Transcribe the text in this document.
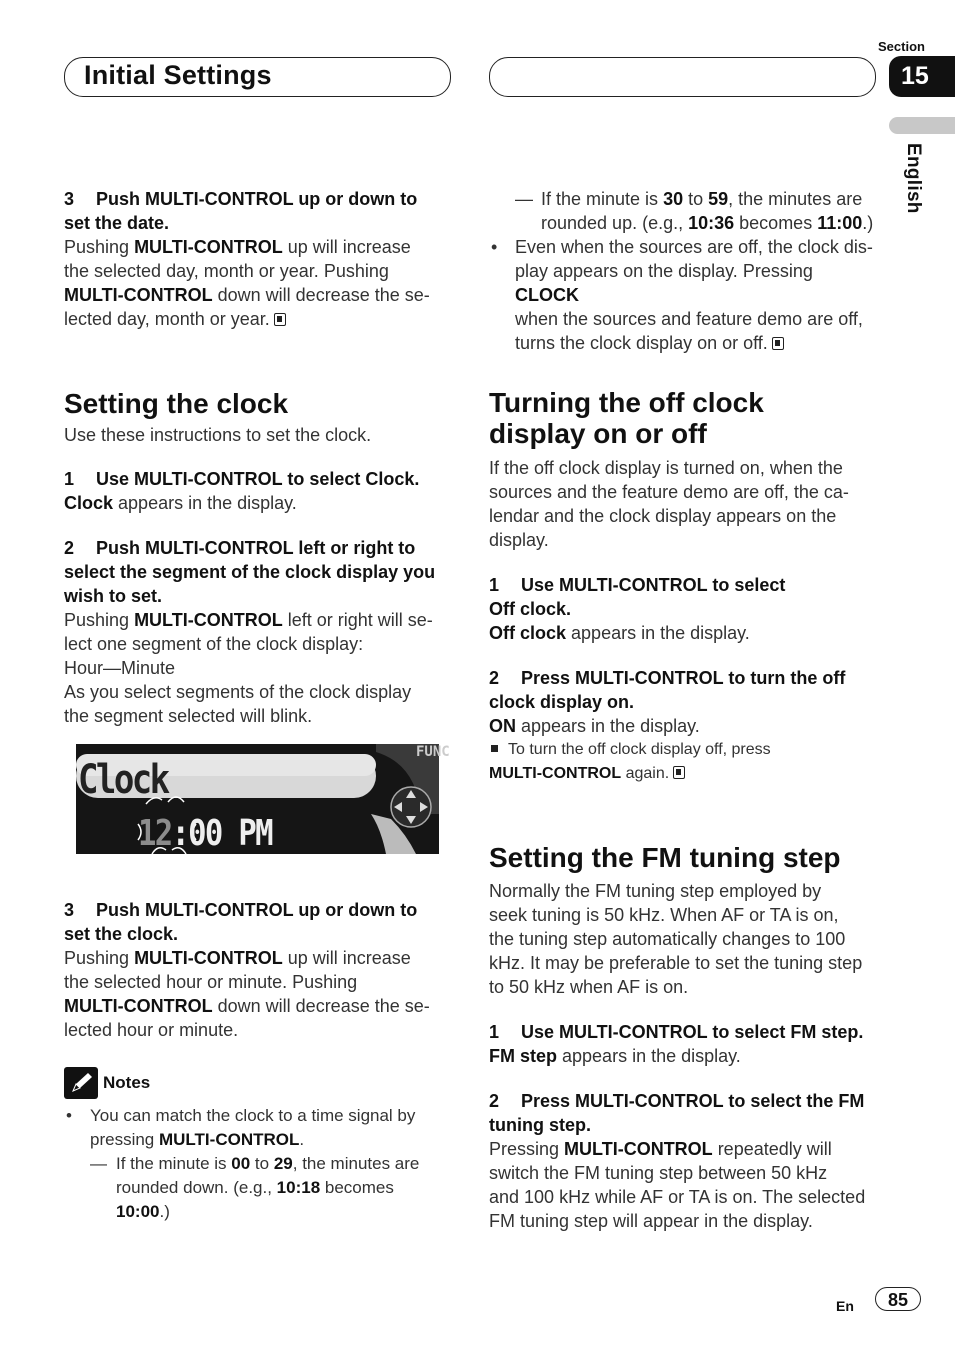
Initial Settings
Section
15
English

3 Push MULTI-CONTROL up or down to

set the date.

Pushing MULTI-CONTROL up will increase

the selected day, month or year. Pushing

MULTI-CONTROL down will decrease the se-

lected day, month or year.

— If the minute is 30 to 59, the minutes are

rounded up. (e.g., 10:36 becomes 11:00.)

• Even when the sources are off, the clock dis-

play appears on the display. Pressing CLOCK

when the sources and feature demo are off,

turns the clock display on or off.

Setting the clock

Use these instructions to set the clock.

1 Use MULTI-CONTROL to select Clock.

Clock appears in the display.

2 Push MULTI-CONTROL left or right to

select the segment of the clock display you

wish to set.

Pushing MULTI-CONTROL left or right will se-

lect one segment of the clock display:

Hour—Minute

As you select segments of the clock display

the segment selected will blink.

Clock
FUNC
12:00 PM

3 Push MULTI-CONTROL up or down to

set the clock.

Pushing MULTI-CONTROL up will increase

the selected hour or minute. Pushing

MULTI-CONTROL down will decrease the se-

lected hour or minute.

Notes

• You can match the clock to a time signal by

pressing MULTI-CONTROL.

— If the minute is 00 to 29, the minutes are

rounded down. (e.g., 10:18 becomes

10:00.)

Turning the off clock

display on or off

If the off clock display is turned on, when the

sources and the feature demo are off, the ca-

lendar and the clock display appears on the

display.

1 Use MULTI-CONTROL to select

Off clock.

Off clock appears in the display.

2 Press MULTI-CONTROL to turn the off

clock display on.

ON appears in the display.

To turn the off clock display off, press

MULTI-CONTROL again.

Setting the FM tuning step

Normally the FM tuning step employed by

seek tuning is 50 kHz. When AF or TA is on,

the tuning step automatically changes to 100

kHz. It may be preferable to set the tuning step

to 50 kHz when AF is on.

1 Use MULTI-CONTROL to select FM step.

FM step appears in the display.

2 Press MULTI-CONTROL to select the FM

tuning step.

Pressing MULTI-CONTROL repeatedly will

switch the FM tuning step between 50 kHz

and 100 kHz while AF or TA is on. The selected

FM tuning step will appear in the display.

En	85
